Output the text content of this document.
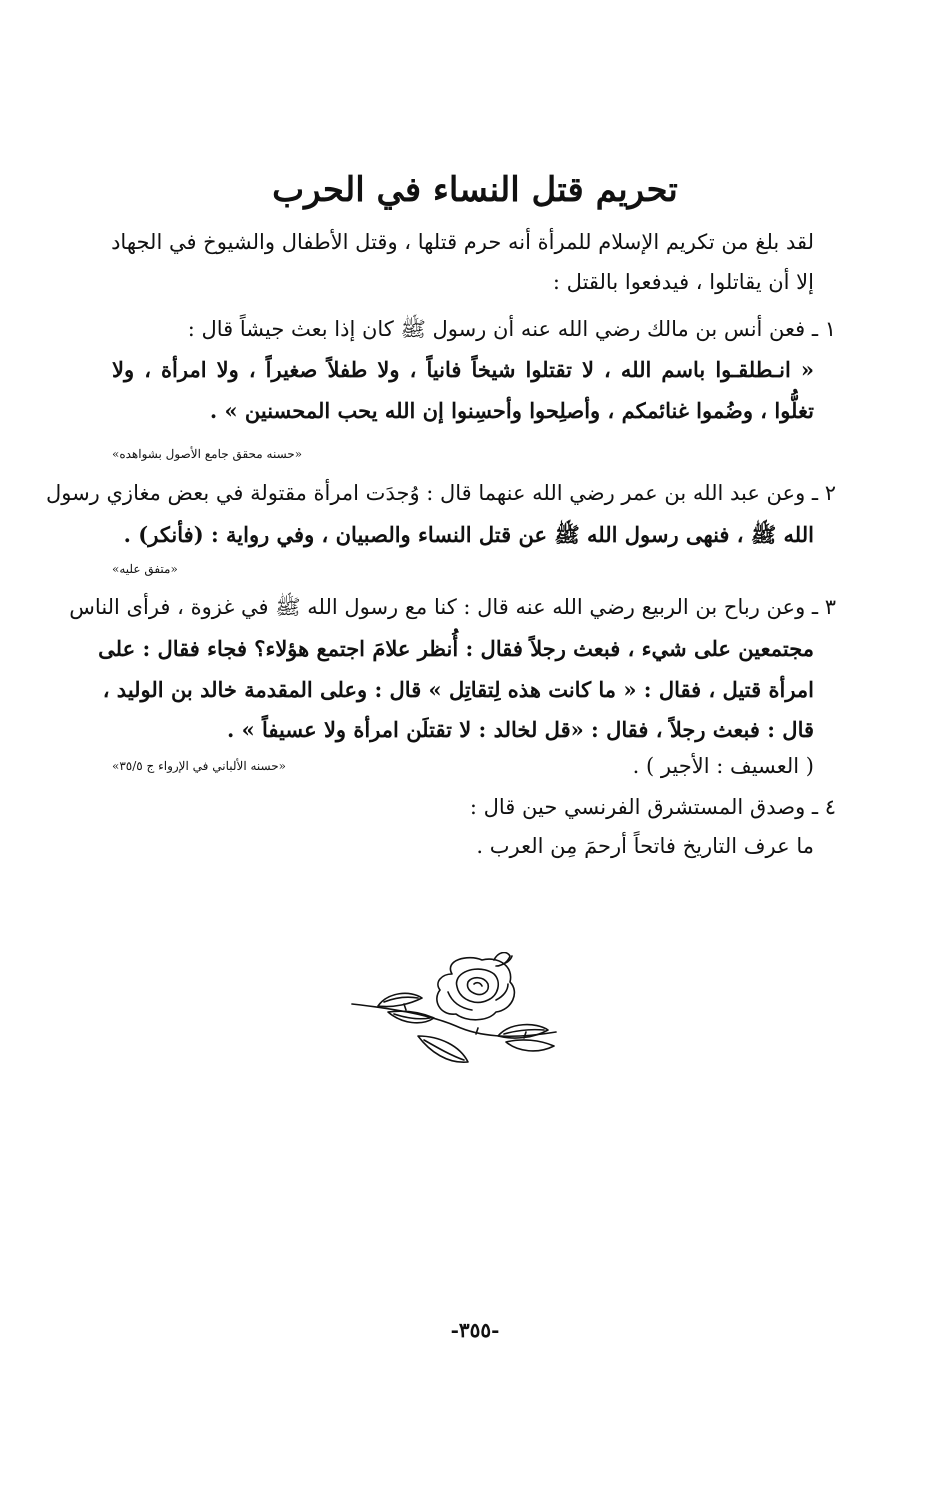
تحريم قتل النساء في الحرب
لقد بلغ من تكريم الإسلام للمرأة أنه حرم قتلها ، وقتل الأطفال والشيوخ في الجهاد
إلا أن يقاتلوا ، فيدفعوا بالقتل :
١ ـ فعن أنس بن مالك رضي الله عنه أن رسول ﷺ كان إذا بعث جيشاً قال :
« انـطلقـوا باسم الله ، لا تقتلوا شيخاً فانياً ، ولا طفلاً صغيراً ، ولا امرأة ، ولا
تغلُّوا ، وضُموا غنائمكم ، وأصلِحوا وأحسِنوا إن الله يحب المحسنين » .
«حسنه محقق جامع الأصول بشواهده»
٢ ـ وعن عبد الله بن عمر رضي الله عنهما قال : وُجدَت امرأة مقتولة في بعض مغازي رسول
الله ﷺ ، فنهى رسول الله ﷺ عن قتل النساء والصبيان ، وفي رواية : (فأنكر) .
«متفق عليه»
٣ ـ وعن رباح بن الربيع رضي الله عنه قال : كنا مع رسول الله ﷺ في غزوة ، فرأى الناس
مجتمعين على شيء ، فبعث رجلاً فقال : أُنظر علامَ اجتمع هؤلاء؟ فجاء فقال : على
امرأة قتيل ، فقال : « ما كانت هذه لِتقاتِل » قال : وعلى المقدمة خالد بن الوليد ،
قال : فبعث رجلاً ، فقال : «قل لخالد : لا تقتلَن امرأة ولا عسيفاً » .
( العسيف : الأجير ) .
«حسنه الألباني في الإرواء ج ٣٥/٥»
٤ ـ وصدق المستشرق الفرنسي حين قال :
ما عرف التاريخ فاتحاً أرحمَ مِن العرب .
-٣٥٥-
